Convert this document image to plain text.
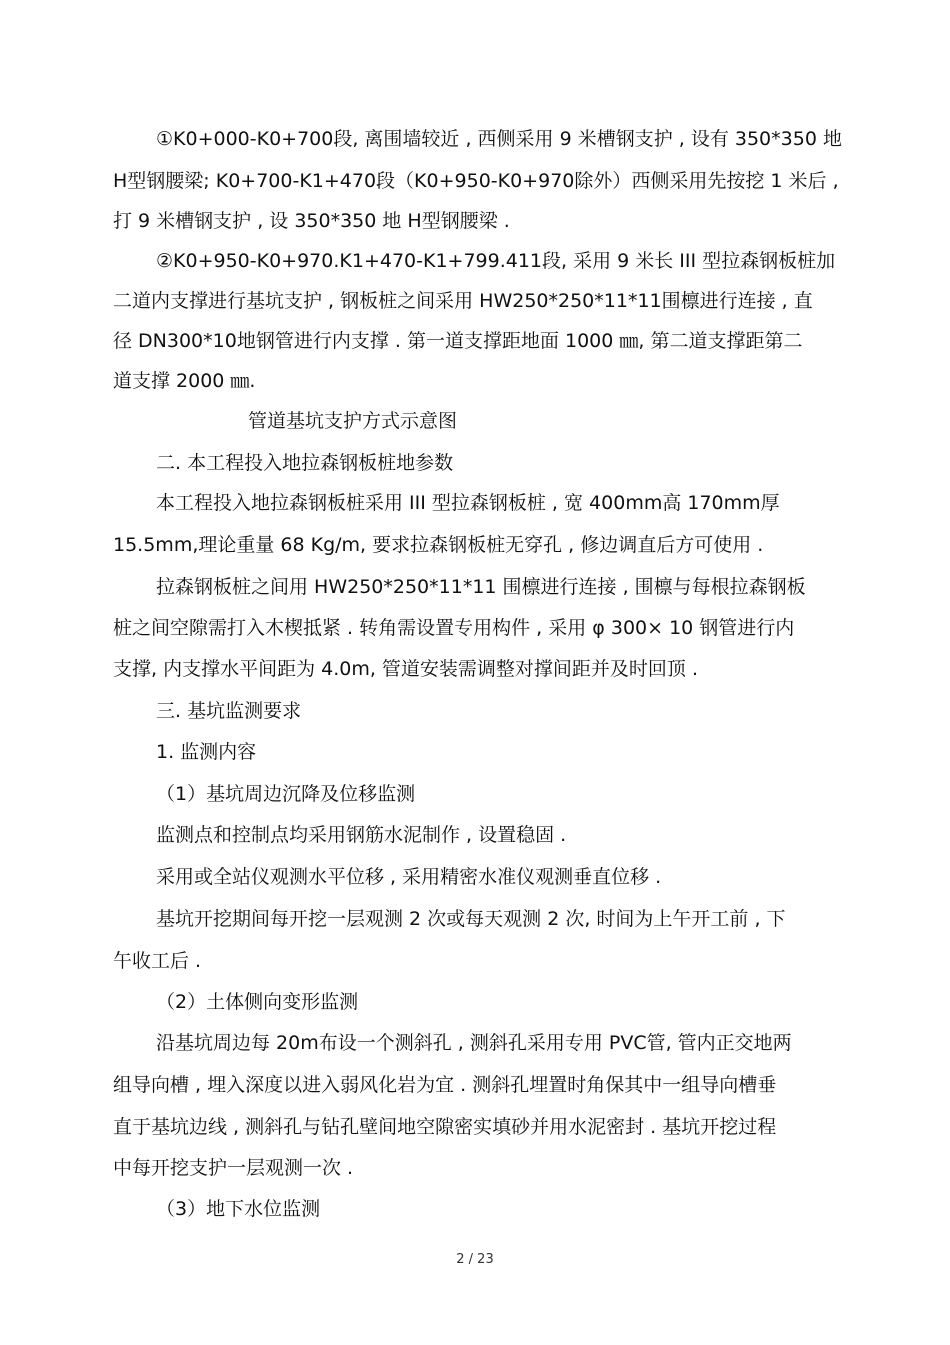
①K0+000-K0+700段, 离围墙较近 , 西侧采用 9 米槽钢支护 , 设有 350*350 地
H型钢腰梁; K0+700-K1+470段（K0+950-K0+970除外）西侧采用先按挖 1 米后 ,
打 9 米槽钢支护 , 设 350*350 地 H型钢腰梁 .
②K0+950-K0+970.K1+470-K1+799.411段, 采用 9 米长 III 型拉森钢板桩加
二道内支撑进行基坑支护 , 钢板桩之间采用 HW250*250*11*11围檩进行连接 , 直
径 DN300*10地钢管进行内支撑 . 第一道支撑距地面 1000 ㎜, 第二道支撑距第二
道支撑 2000 ㎜.
管道基坑支护方式示意图
二. 本工程投入地拉森钢板桩地参数
本工程投入地拉森钢板桩采用 III 型拉森钢板桩 , 宽 400mm高 170mm厚
15.5mm,理论重量 68 Kg/m, 要求拉森钢板桩无穿孔 , 修边调直后方可使用 .
拉森钢板桩之间用 HW250*250*11*11 围檩进行连接 , 围檩与每根拉森钢板
桩之间空隙需打入木楔抵紧 . 转角需设置专用构件 , 采用 φ 300× 10 钢管进行内
支撑, 内支撑水平间距为 4.0m, 管道安装需调整对撑间距并及时回顶 .
三. 基坑监测要求
1. 监测内容
（1）基坑周边沉降及位移监测
监测点和控制点均采用钢筋水泥制作 , 设置稳固 .
采用或全站仪观测水平位移 , 采用精密水准仪观测垂直位移 .
基坑开挖期间每开挖一层观测 2 次或每天观测 2 次, 时间为上午开工前 , 下
午收工后 .
（2）土体侧向变形监测
沿基坑周边每 20m布设一个测斜孔 , 测斜孔采用专用 PVC管, 管内正交地两
组导向槽 , 埋入深度以进入弱风化岩为宜 . 测斜孔埋置时角保其中一组导向槽垂
直于基坑边线 , 测斜孔与钻孔壁间地空隙密实填砂并用水泥密封 . 基坑开挖过程
中每开挖支护一层观测一次 .
（3）地下水位监测
2 / 23
